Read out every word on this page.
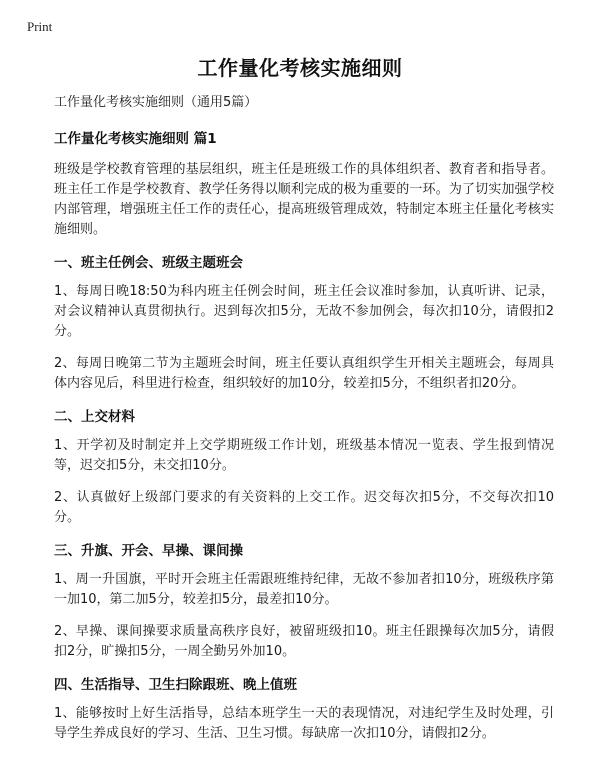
Print
工作量化考核实施细则

工作量化考核实施细则（通用5篇）

工作量化考核实施细则 篇1

班级是学校教育管理的基层组织，班主任是班级工作的具体组织者、教育者和指导者。班主任工作是学校教育、教学任务得以顺利完成的极为重要的一环。为了切实加强学校内部管理，增强班主任工作的责任心，提高班级管理成效，特制定本班主任量化考核实施细则。

一、班主任例会、班级主题班会

1、每周日晚18:50为科内班主任例会时间，班主任会议准时参加，认真听讲、记录，对会议精神认真贯彻执行。迟到每次扣5分，无故不参加例会，每次扣10分，请假扣2分。

2、每周日晚第二节为主题班会时间，班主任要认真组织学生开相关主题班会，每周具体内容见后，科里进行检查，组织较好的加10分，较差扣5分，不组织者扣20分。

二、上交材料

1、开学初及时制定并上交学期班级工作计划，班级基本情况一览表、学生报到情况等，迟交扣5分，未交扣10分。

2、认真做好上级部门要求的有关资料的上交工作。迟交每次扣5分，不交每次扣10分。

三、升旗、开会、早操、课间操

1、周一升国旗，平时开会班主任需跟班维持纪律，无故不参加者扣10分，班级秩序第一加10，第二加5分，较差扣5分，最差扣10分。

2、早操、课间操要求质量高秩序良好，被留班级扣10。班主任跟操每次加5分，请假扣2分，旷操扣5分，一周全勤另外加10。

四、生活指导、卫生扫除跟班、晚上值班

1、能够按时上好生活指导，总结本班学生一天的表现情况，对违纪学生及时处理，引导学生养成良好的学习、生活、卫生习惯。每缺席一次扣10分，请假扣2分。
